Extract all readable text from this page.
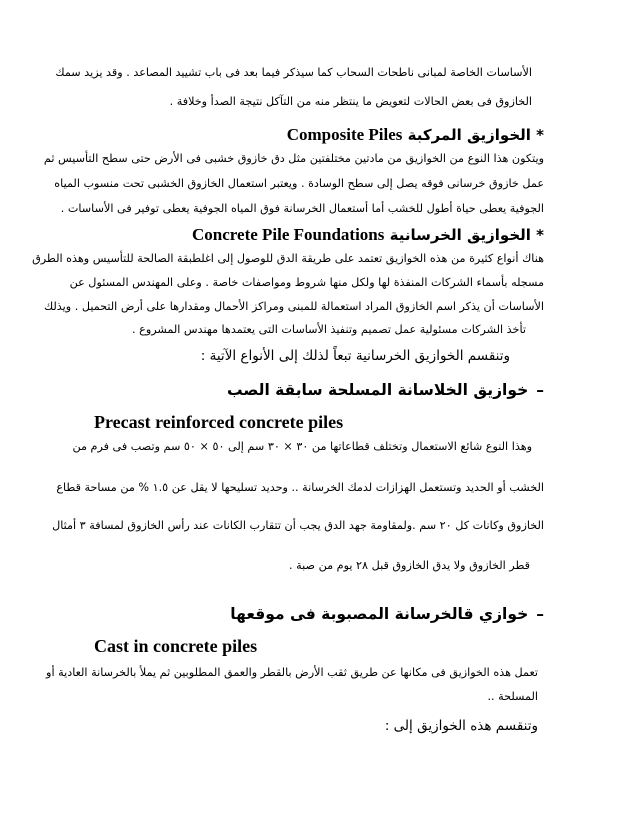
الأساسات الخاصة لمبانى ناطحات السحاب كما سيذكر فيما بعد فى باب تشييد المصاعد . وقد يزيد سمك
الخازوق فى بعض الحالات لتعويض ما ينتظر منه من التآكل نتيجة الصدأ وخلافة .
* الخوازيق المركبة Composite Piles
ويتكون هذا النوع من الخوازيق من مادتين مختلفتين مثل دق خازوق خشبى فى الأرض حتى سطح التأسيس ثم
عمل خازوق خرسانى فوقه يصل إلى سطح الوسادة . ويعتبر استعمال الخازوق الخشبى تحت منسوب المياه
الجوفية يعطى حياة أطول للخشب أما أستعمال الخرسانة فوق المياه الجوفية يعطى توفير فى الأساسات .
* الخوازيق الخرسانية Concrete Pile Foundations
هناك أنواع كثيرة من هذه الخوازيق تعتمد على طريقة الدق للوصول إلى اغلطبقة الصالحة للتأسيس وهذه الطرق
مسجله بأسماء الشركات المنفذة لها ولكل منها شروط ومواصفات خاصة . وعلى المهندس المسئول عن
الأساسات أن يذكر اسم الخازوق المراد استعمالة للمبنى ومراكز الأحمال ومقدارها على أرض التحميل . ويذلك
تأخذ الشركات مسئولية عمل تصميم وتنفيذ الأساسات التى يعتمدها مهندس المشروع .
وتنقسم الخوازيق الخرسانية تبعاً لذلك إلى الأنواع الآتية :
–خوازيق الخلاسانة المسلحة سابقة الصب
Precast reinforced concrete piles
وهذا النوع شائع الاستعمال وتختلف قطاعاتها من ٣٠ × ٣٠ سم إلى ٥٠ × ٥٠ سم وتصب فى فرم من
الخشب أو الحديد وتستعمل الهزازات لدمك الخرسانة .. وحديد تسليحها لا يقل عن ١.٥ % من مساحة قطاع
الخازوق وكانات كل ٢٠ سم .ولمقاومة جهد الدق يجب أن تتقارب الكانات عند رأس الخازوق لمسافة ٣ أمثال
قطر الخازوق ولا يدق الخازوق قبل ٢٨ يوم من صبة .
–خوازي قالخرسانة المصبوبة فى موقعها
Cast in concrete piles
تعمل هذه الخوازيق فى مكانها عن طريق ثقب الأرض بالقطر والعمق المطلوبين ثم يملأ بالخرسانة العادية أو
المسلحة ..
وتنقسم هذه الخوازيق إلى :
